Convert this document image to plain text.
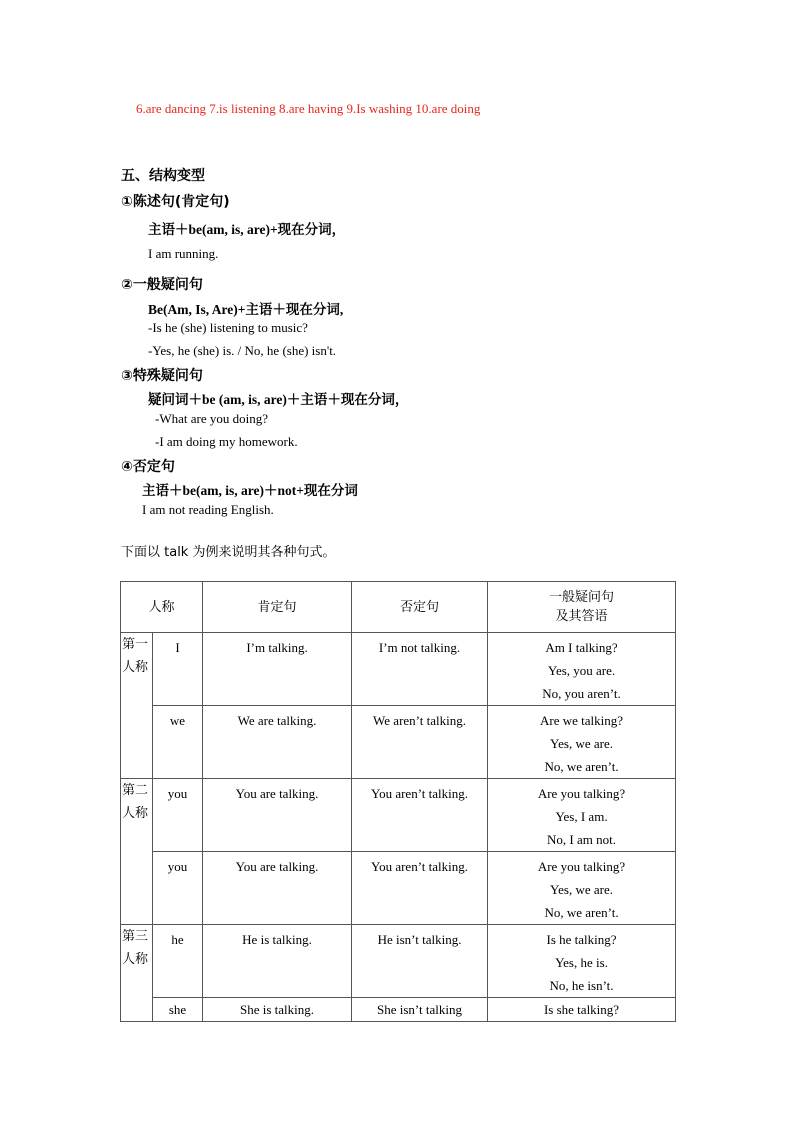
6.are dancing 7.is listening 8.are having 9.Is washing 10.are doing
五、结构变型
①陈述句(肯定句)
主语＋be(am, is, are)+现在分词，
I am running.
②一般疑问句
Be(Am, Is, Are)+主语＋现在分词,
-Is he (she) listening to music?
-Yes, he (she) is. / No, he (she) isn't.
③特殊疑问句
疑问词＋be (am, is, are)＋主语＋现在分词，
-What are you doing?
-I am doing my homework.
④否定句
主语＋be(am, is, are)＋not+现在分词
I am not reading English.
下面以 talk 为例来说明其各种句式。
人称		肯定句	否定句	一般疑问句
及其答语

第一人称	I	I’m talking.	I’m not talking.	Am I talking?
Yes, you are.
No, you aren’t.

	we	We are talking.	We aren’t talking.	Are we talking?
Yes, we are.
No, we aren’t.

第二人称	you	You are talking.	You aren’t talking.	Are you talking?
Yes, I am.
No, I am not.

	you	You are talking.	You aren’t talking.	Are you talking?
Yes, we are.
No, we aren’t.

第三人称	he	He is talking.	He isn’t talking.	Is he talking?
Yes, he is.
No, he isn’t.

	she	She is talking.	She isn’t talking	Is she talking?
